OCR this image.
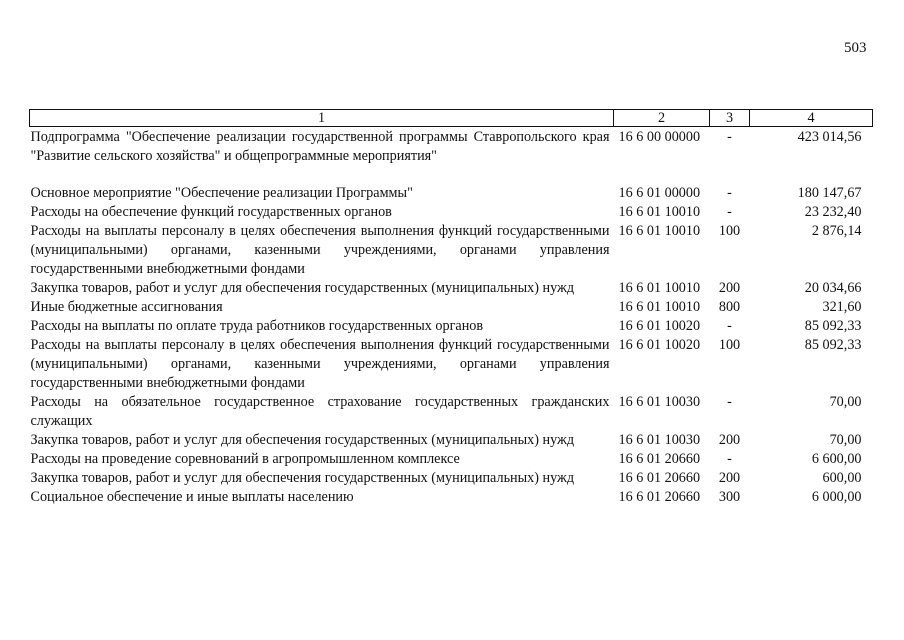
503
1	2	3	4
Подпрограмма "Обеспечение реализации государственной программы Ставропольского края "Развитие сельского хозяйства" и общепрограммные мероприятия"	16 6 00 00000	-	423 014,56

Основное мероприятие "Обеспечение реализации Программы"	16 6 01 00000	-	180 147,67
Расходы на обеспечение функций государственных органов	16 6 01 10010	-	23 232,40
Расходы на выплаты персоналу в целях обеспечения выполнения функций государственными (муниципальными) органами, казенными учреждениями, органами управления государственными внебюджетными фондами	16 6 01 10010	100	2 876,14
Закупка товаров, работ и услуг для обеспечения государственных (муниципальных) нужд	16 6 01 10010	200	20 034,66
Иные бюджетные ассигнования	16 6 01 10010	800	321,60
Расходы на выплаты по оплате труда работников государственных органов	16 6 01 10020	-	85 092,33
Расходы на выплаты персоналу в целях обеспечения выполнения функций государственными (муниципальными) органами, казенными учреждениями, органами управления государственными внебюджетными фондами	16 6 01 10020	100	85 092,33
Расходы на обязательное государственное страхование государственных гражданских служащих	16 6 01 10030	-	70,00
Закупка товаров, работ и услуг для обеспечения государственных (муниципальных) нужд	16 6 01 10030	200	70,00
Расходы на проведение соревнований в агропромышленном комплексе	16 6 01 20660	-	6 600,00
Закупка товаров, работ и услуг для обеспечения государственных (муниципальных) нужд	16 6 01 20660	200	600,00
Социальное обеспечение и иные выплаты населению	16 6 01 20660	300	6 000,00
